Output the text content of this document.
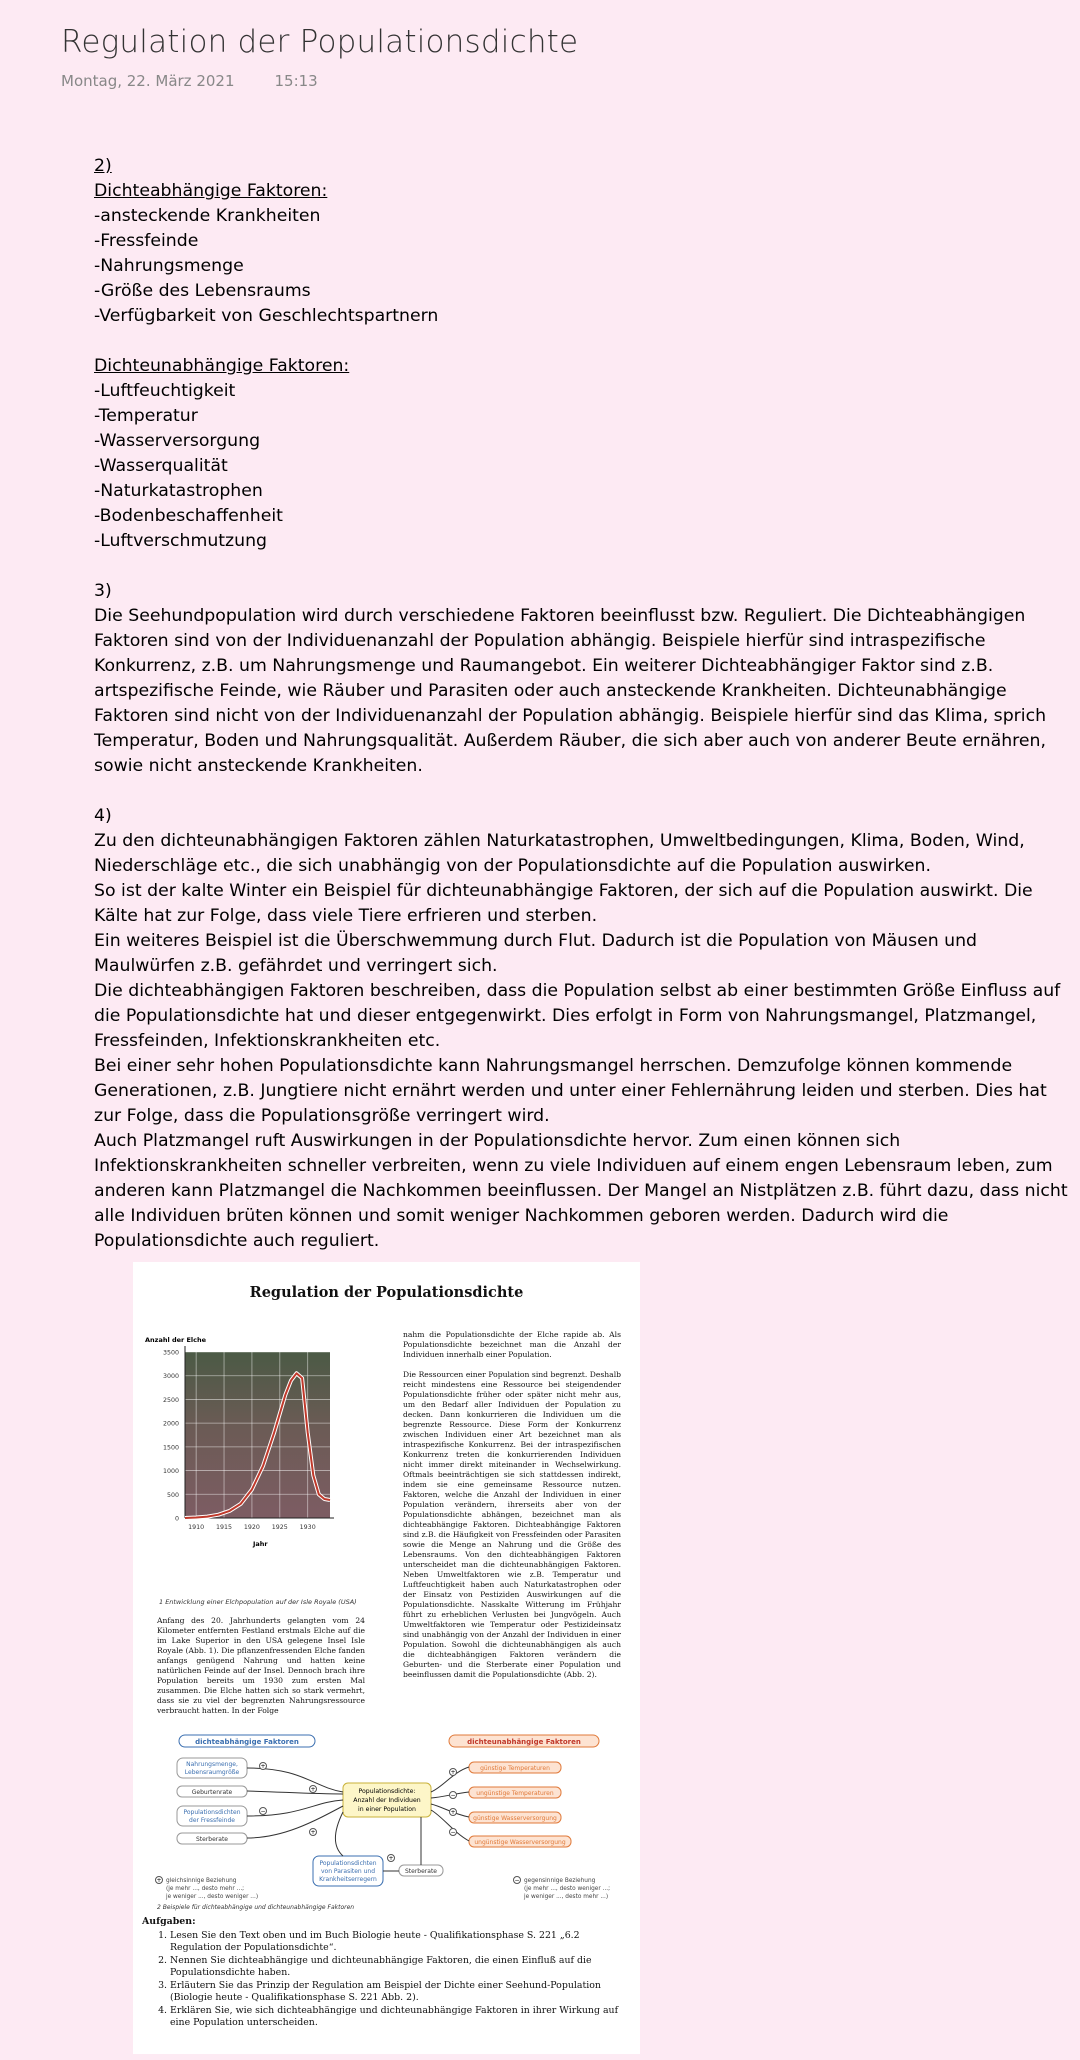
Regulation der Populationsdichte
Montag, 22. März 2021	15:13

2)

Dichteabhängige Faktoren:

-ansteckende Krankheiten

-Fressfeinde

-Nahrungsmenge

-Größe des Lebensraums

-Verfügbarkeit von Geschlechtspartnern

Dichteunabhängige Faktoren:

-Luftfeuchtigkeit

-Temperatur

-Wasserversorgung

-Wasserqualität

-Naturkatastrophen

-Bodenbeschaffenheit

-Luftverschmutzung

3)

Die Seehundpopulation wird durch verschiedene Faktoren beeinflusst bzw. Reguliert. Die Dichteabhängigen Faktoren sind von der Individuenanzahl der Population abhängig. Beispiele hierfür sind intraspezifische Konkurrenz, z.B. um Nahrungsmenge und Raumangebot. Ein weiterer Dichteabhängiger Faktor sind z.B. artspezifische Feinde, wie Räuber und Parasiten oder auch ansteckende Krankheiten. Dichteunabhängige Faktoren sind nicht von der Individuenanzahl der Population abhängig. Beispiele hierfür sind das Klima, sprich Temperatur, Boden und Nahrungsqualität. Außerdem Räuber, die sich aber auch von anderer Beute ernähren, sowie nicht ansteckende Krankheiten.

4)

Zu den dichteunabhängigen Faktoren zählen Naturkatastrophen, Umweltbedingungen, Klima, Boden, Wind, Niederschläge etc., die sich unabhängig von der Populationsdichte auf die Population auswirken.

So ist der kalte Winter ein Beispiel für dichteunabhängige Faktoren, der sich auf die Population auswirkt. Die Kälte hat zur Folge, dass viele Tiere erfrieren und sterben.

Ein weiteres Beispiel ist die Überschwemmung durch Flut. Dadurch ist die Population von Mäusen und Maulwürfen z.B. gefährdet und verringert sich.

Die dichteabhängigen Faktoren beschreiben, dass die Population selbst ab einer bestimmten Größe Einfluss auf die Populationsdichte hat und dieser entgegenwirkt. Dies erfolgt in Form von Nahrungsmangel, Platzmangel, Fressfeinden, Infektionskrankheiten etc.

Bei einer sehr hohen Populationsdichte kann Nahrungsmangel herrschen. Demzufolge können kommende Generationen, z.B. Jungtiere nicht ernährt werden und unter einer Fehlernährung leiden und sterben. Dies hat zur Folge, dass die Populationsgröße verringert wird.

Auch Platzmangel ruft Auswirkungen in der Populationsdichte hervor. Zum einen können sich Infektionskrankheiten schneller verbreiten, wenn zu viele Individuen auf einem engen Lebensraum leben, zum anderen kann Platzmangel die Nachkommen beeinflussen. Der Mangel an Nistplätzen z.B. führt dazu, dass nicht alle Individuen brüten können und somit weniger Nachkommen geboren werden. Dadurch wird die Populationsdichte auch reguliert.

Regulation der Populationsdichte
0
500
1000
1500
2000
2500
3000
3500
1910 1915 1920 1925 1930
Anzahl der Elche
Jahr

1 Entwicklung einer Elchpopulation auf der Isle Royale (USA)

Anfang des 20. Jahrhunderts gelangten vom 24 Kilometer entfernten Festland erstmals Elche auf die im Lake Superior in den USA gelegene Insel Isle Royale (Abb. 1). Die pflanzenfressenden Elche fanden anfangs genügend Nahrung und hatten keine natürlichen Feinde auf der Insel. Dennoch brach ihre Population bereits um 1930 zum ersten Mal zusammen. Die Elche hatten sich so stark vermehrt, dass sie zu viel der begrenzten Nahrungsressource verbraucht hatten. In der Folge

nahm die Populationsdichte der Elche rapide ab. Als Populationsdichte bezeichnet man die Anzahl der Individuen innerhalb einer Population.

Die Ressourcen einer Population sind begrenzt. Deshalb reicht mindestens eine Ressource bei steigendender Populationsdichte früher oder später nicht mehr aus, um den Bedarf aller Individuen der Population zu decken. Dann konkurrieren die Individuen um die begrenzte Ressource. Diese Form der Konkurrenz zwischen Individuen einer Art bezeichnet man als intraspezifische Konkurrenz. Bei der intraspezifischen Konkurrenz treten die konkurrierenden Individuen nicht immer direkt miteinander in Wechselwirkung. Oftmals beeinträchtigen sie sich stattdessen indirekt, indem sie eine gemeinsame Ressource nutzen. Faktoren, welche die Anzahl der Individuen in einer Population verändern, ihrerseits aber von der Populationsdichte abhängen, bezeichnet man als dichteabhängige Faktoren. Dichteabhängige Faktoren sind z.B. die Häufigkeit von Fressfeinden oder Parasiten sowie die Menge an Nahrung und die Größe des Lebensraums. Von den dichteabhängigen Faktoren unterscheidet man die dichteunabhängigen Faktoren. Neben Umweltfaktoren wie z.B. Temperatur und Luftfeuchtigkeit haben auch Naturkatastrophen oder der Einsatz von Pestiziden Auswirkungen auf die Populationsdichte. Nasskalte Witterung im Frühjahr führt zu erheblichen Verlusten bei Jungvögeln. Auch Umweltfaktoren wie Temperatur oder Pestizideinsatz sind unabhängig von der Anzahl der Individuen in einer Population. Sowohl die dichteunabhängigen als auch die dichteabhängigen Faktoren verändern die Geburten- und die Sterberate einer Population und beeinflussen damit die Populationsdichte (Abb. 2).

dichteabhängige Faktoren	dichteunabhängige Faktoren
Nahrungsmenge,
Lebensraumgröße
Geburtenrate
Populationsdichten
der Fressfeinde
Sterberate
Populationsdichte:
Anzahl der Individuen
in einer Population
Populationsdichten
von Parasiten und
Krankheitserregern
Sterberate
günstige Temperaturen
ungünstige Temperaturen
günstige Wasserversorgung
ungünstige Wasserversorgung
+
+
−
+
+
−
+
−
+
+ gleichsinnige Beziehung
(je mehr ..., desto mehr ...;
je weniger ..., desto weniger ...)
− gegensinnige Beziehung
(je mehr ..., desto weniger ...;
je weniger ..., desto mehr ...)
2 Beispiele für dichteabhängige und dichteunabhängige Faktoren
Aufgaben:
1. Lesen Sie den Text oben und im Buch Biologie heute - Qualifikationsphase S. 221 „6.2 Regulation der Populationsdichte“.
2. Nennen Sie dichteabhängige und dichteunabhängige Faktoren, die einen Einfluß auf die Populationsdichte haben.
3. Erläutern Sie das Prinzip der Regulation am Beispiel der Dichte einer Seehund-Population (Biologie heute - Qualifikationsphase S. 221 Abb. 2).
4. Erklären Sie, wie sich dichteabhängige und dichteunabhängige Faktoren in ihrer Wirkung auf eine Population unterscheiden.
